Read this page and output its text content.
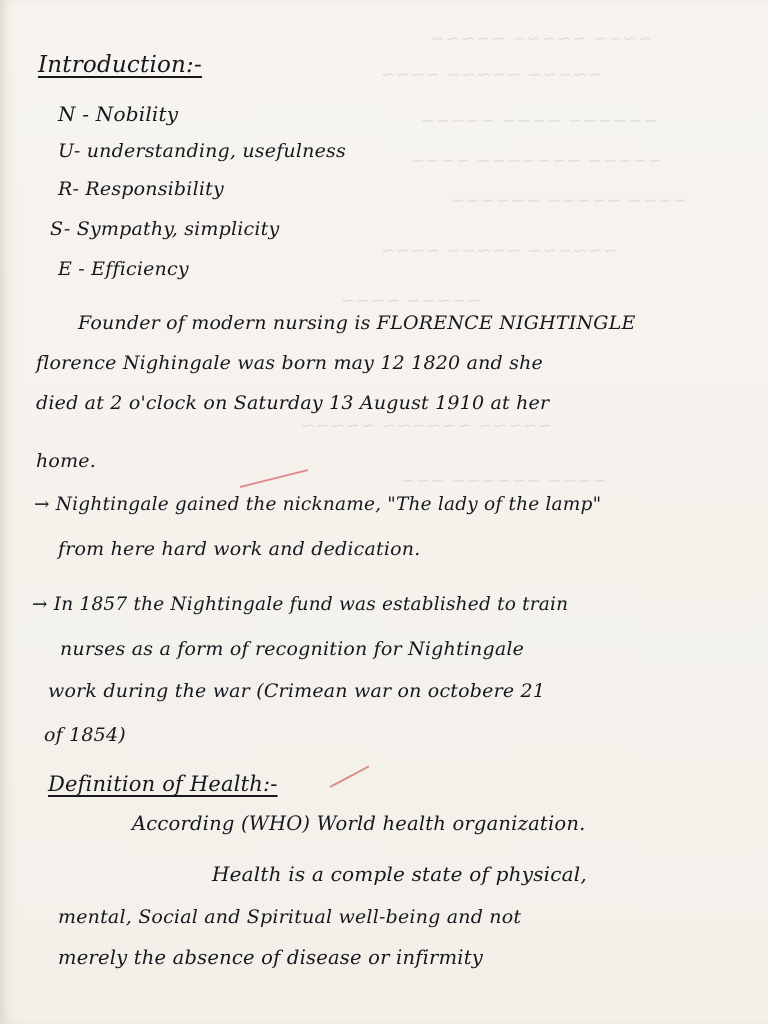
~~~~ ~~~~~ ~~~~~
~~~~~ ~~~~~ ~~~~
~~~~~~ ~~~~ ~~~~~
~~~~~ ~~~~~~~ ~~~~
~~~~ ~~~~~ ~~~~~~
~~~~~~ ~~~~~ ~~~~
~~~~~ ~~~~
~~~~~ ~~~~~~ ~~~~~
~~~~ ~~~~~~ ~~~
Introduction:-
N - Nobility
U- understanding, usefulness
R- Responsibility
S- Sympathy, simplicity
E - Efficiency
Founder of modern nursing is FLORENCE NIGHTINGLE
florence Nighingale was born may 12 1820 and she
died at 2 o'clock on Saturday 13 August 1910 at her
home.
→ Nightingale gained the nickname, "The lady of the lamp"
from here hard work and dedication.
→ In 1857 the Nightingale fund was established to train
nurses as a form of recognition for Nightingale
work during the war (Crimean war on octobere 21
of 1854)
Definition of Health:-
According (WHO) World health organization.
Health is a comple state of physical,
mental, Social and Spiritual well-being and not
merely the absence of disease or infirmity
